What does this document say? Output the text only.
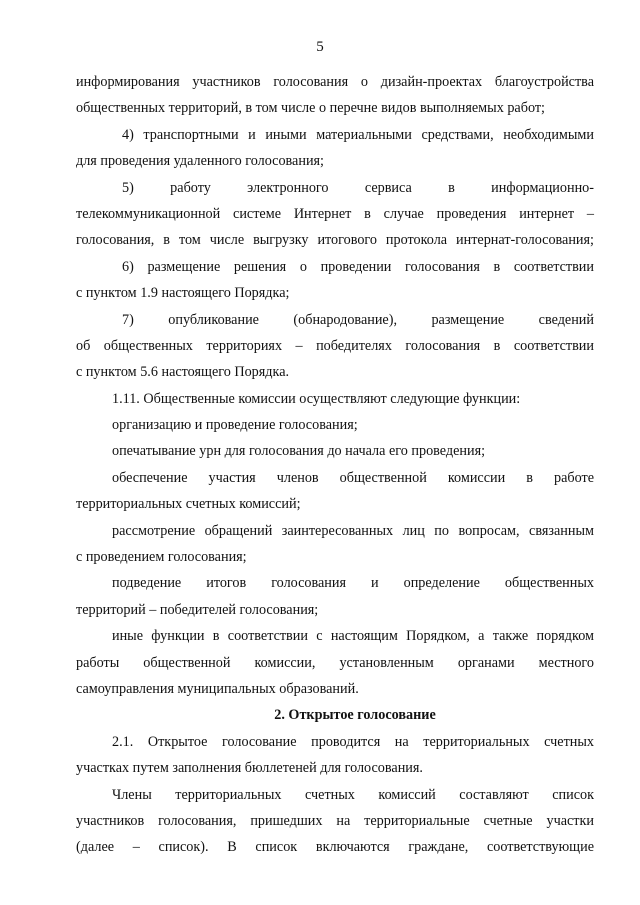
5
информирования участников голосования о дизайн-проектах благоустройства
общественных территорий, в том числе о перечне видов выполняемых работ;
4) транспортными и иными материальными средствами, необходимыми
для проведения удаленного голосования;
5) работу электронного сервиса в информационно-
телекоммуникационной системе Интернет в случае проведения интернет –
голосования, в том числе выгрузку итогового протокола интернат-голосования;
6) размещение решения о проведении голосования в соответствии
с пунктом 1.9 настоящего Порядка;
7) опубликование (обнародование), размещение сведений
об общественных территориях – победителях голосования в соответствии
с пунктом 5.6 настоящего Порядка.
1.11. Общественные комиссии осуществляют следующие функции:
организацию и проведение голосования;
опечатывание урн для голосования до начала его проведения;
обеспечение участия членов общественной комиссии в работе
территориальных счетных комиссий;
рассмотрение обращений заинтересованных лиц по вопросам, связанным
с проведением голосования;
подведение итогов голосования и определение общественных
территорий – победителей голосования;
иные функции в соответствии с настоящим Порядком, а также порядком
работы общественной комиссии, установленным органами местного
самоуправления муниципальных образований.
2. Открытое голосование
2.1. Открытое голосование проводится на территориальных счетных
участках путем заполнения бюллетеней для голосования.
Члены территориальных счетных комиссий составляют список
участников голосования, пришедших на территориальные счетные участки
(далее – список). В список включаются граждане, соответствующие
